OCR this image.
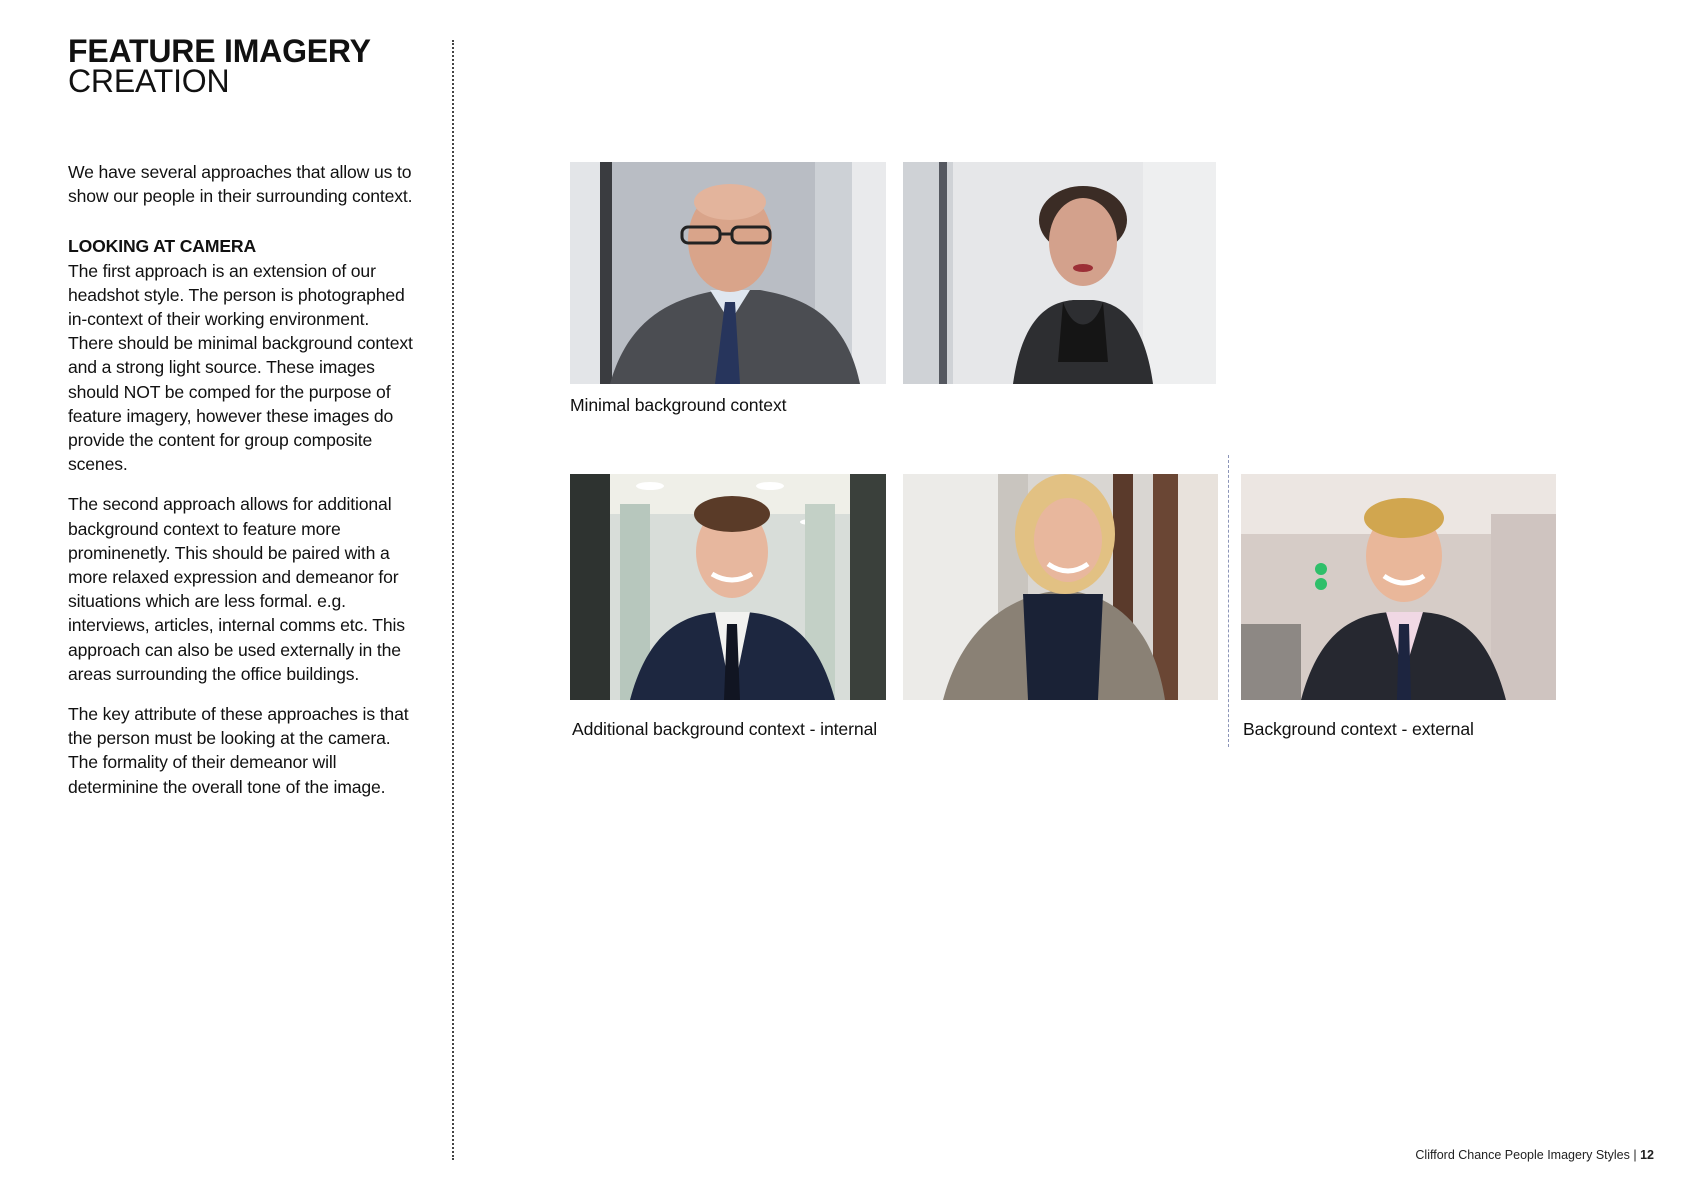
FEATURE IMAGERY
CREATION

We have several approaches that allow us to show our people in their surrounding context.

LOOKING AT CAMERA

The first approach is an extension of our headshot style. The person is photographed in-context of their working environment. There should be minimal background context and a strong light source. These images should NOT be comped for the purpose of feature imagery, however these images do provide the content for group composite scenes.

The second approach allows for additional background context to feature more prominenetly. This should be paired with a more relaxed expression and demeanor for situations which are less formal. e.g. interviews, articles, internal comms etc. This approach can also be used externally in the areas surrounding the office buildings.

The key attribute of these approaches is that the person must be looking at the camera. The formality of their demeanor will determinine the overall tone of the image.

Minimal background context
Additional background context - internal	Background context - external
Clifford Chance People Imagery Styles | 12
